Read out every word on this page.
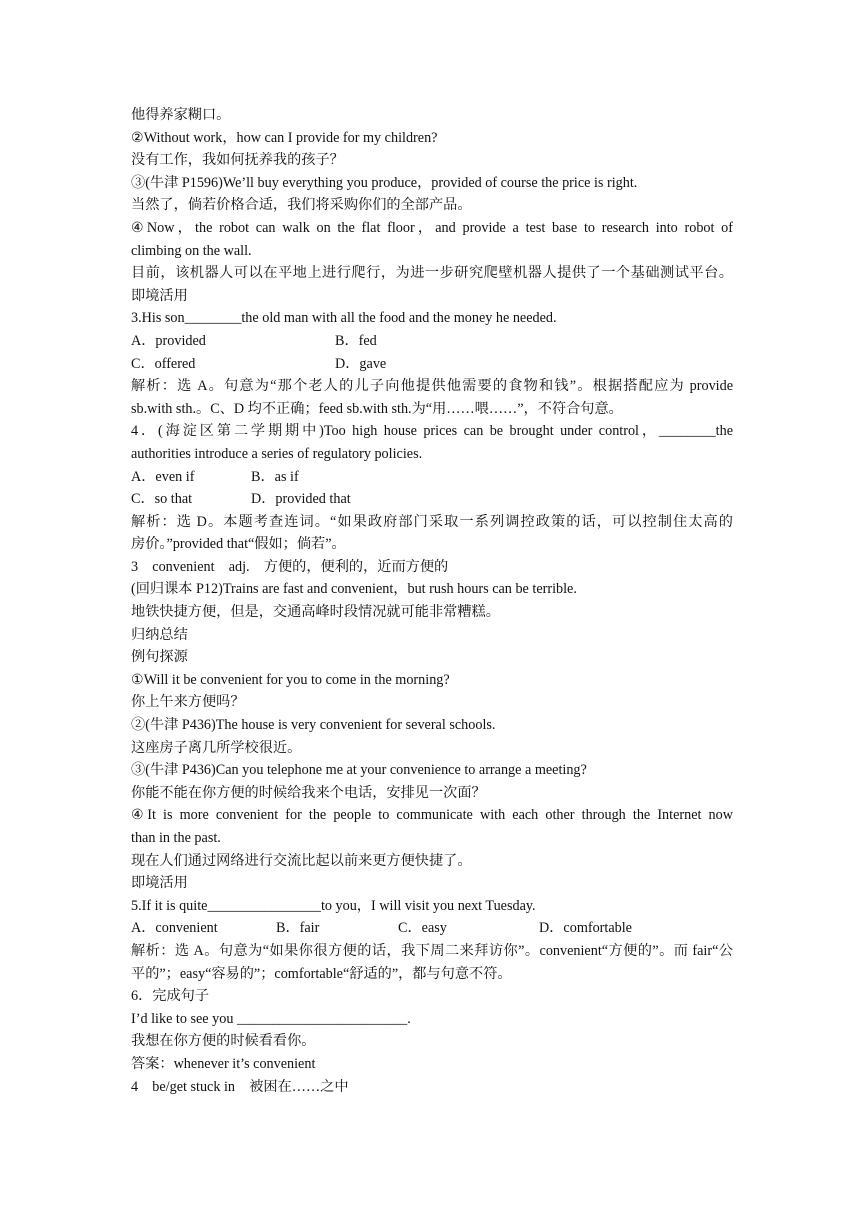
他得养家糊口。
②Without work，how can I provide for my children?
没有工作，我如何抚养我的孩子？
③(牛津 P1596)We’ll buy everything you produce，provided of course the price is right.
当然了，倘若价格合适，我们将采购你们的全部产品。
④Now，the robot can walk on the flat floor，and provide a test base to research into robot of
climbing on the wall.
目前，该机器人可以在平地上进行爬行，为进一步研究爬壁机器人提供了一个基础测试平台。
即境活用
3.His son________the old man with all the food and the money he needed.
A．provided	B．fed
C．offered	D．gave
解析：选 A。句意为“那个老人的儿子向他提供他需要的食物和钱”。根据搭配应为 provide
sb.with sth.。C、D 均不正确；feed sb.with sth.为“用……喂……”，不符合句意。
4．(海淀区第二学期期中)Too high house prices can be brought under control，________the
authorities introduce a series of regulatory policies.
A．even if	B．as if
C．so that	D．provided that
解析：选 D。本题考查连词。“如果政府部门采取一系列调控政策的话，可以控制住太高的
房价。”provided that“假如；倘若”。
3　convenient　adj.　方便的，便利的，近而方便的
(回归课本 P12)Trains are fast and convenient，but rush hours can be terrible.
地铁快捷方便，但是，交通高峰时段情况就可能非常糟糕。
归纳总结
例句探源
①Will it be convenient for you to come in the morning?
你上午来方便吗？
②(牛津 P436)The house is very convenient for several schools.
这座房子离几所学校很近。
③(牛津 P436)Can you telephone me at your convenience to arrange a meeting?
你能不能在你方便的时候给我来个电话，安排见一次面？
④It is more convenient for the people to communicate with each other through the Internet now
than in the past.
现在人们通过网络进行交流比起以前来更方便快捷了。
即境活用
5.If it is quite________________to you，I will visit you next Tuesday.
A．convenient	B．fair	C．easy	D．comfortable
解析：选 A。句意为“如果你很方便的话，我下周二来拜访你”。convenient“方便的”。而 fair“公
平的”；easy“容易的”；comfortable“舒适的”，都与句意不符。
6．完成句子
I’d like to see you ________________________.
我想在你方便的时候看看你。
答案：whenever it’s convenient
4　be/get stuck in　被困在……之中
